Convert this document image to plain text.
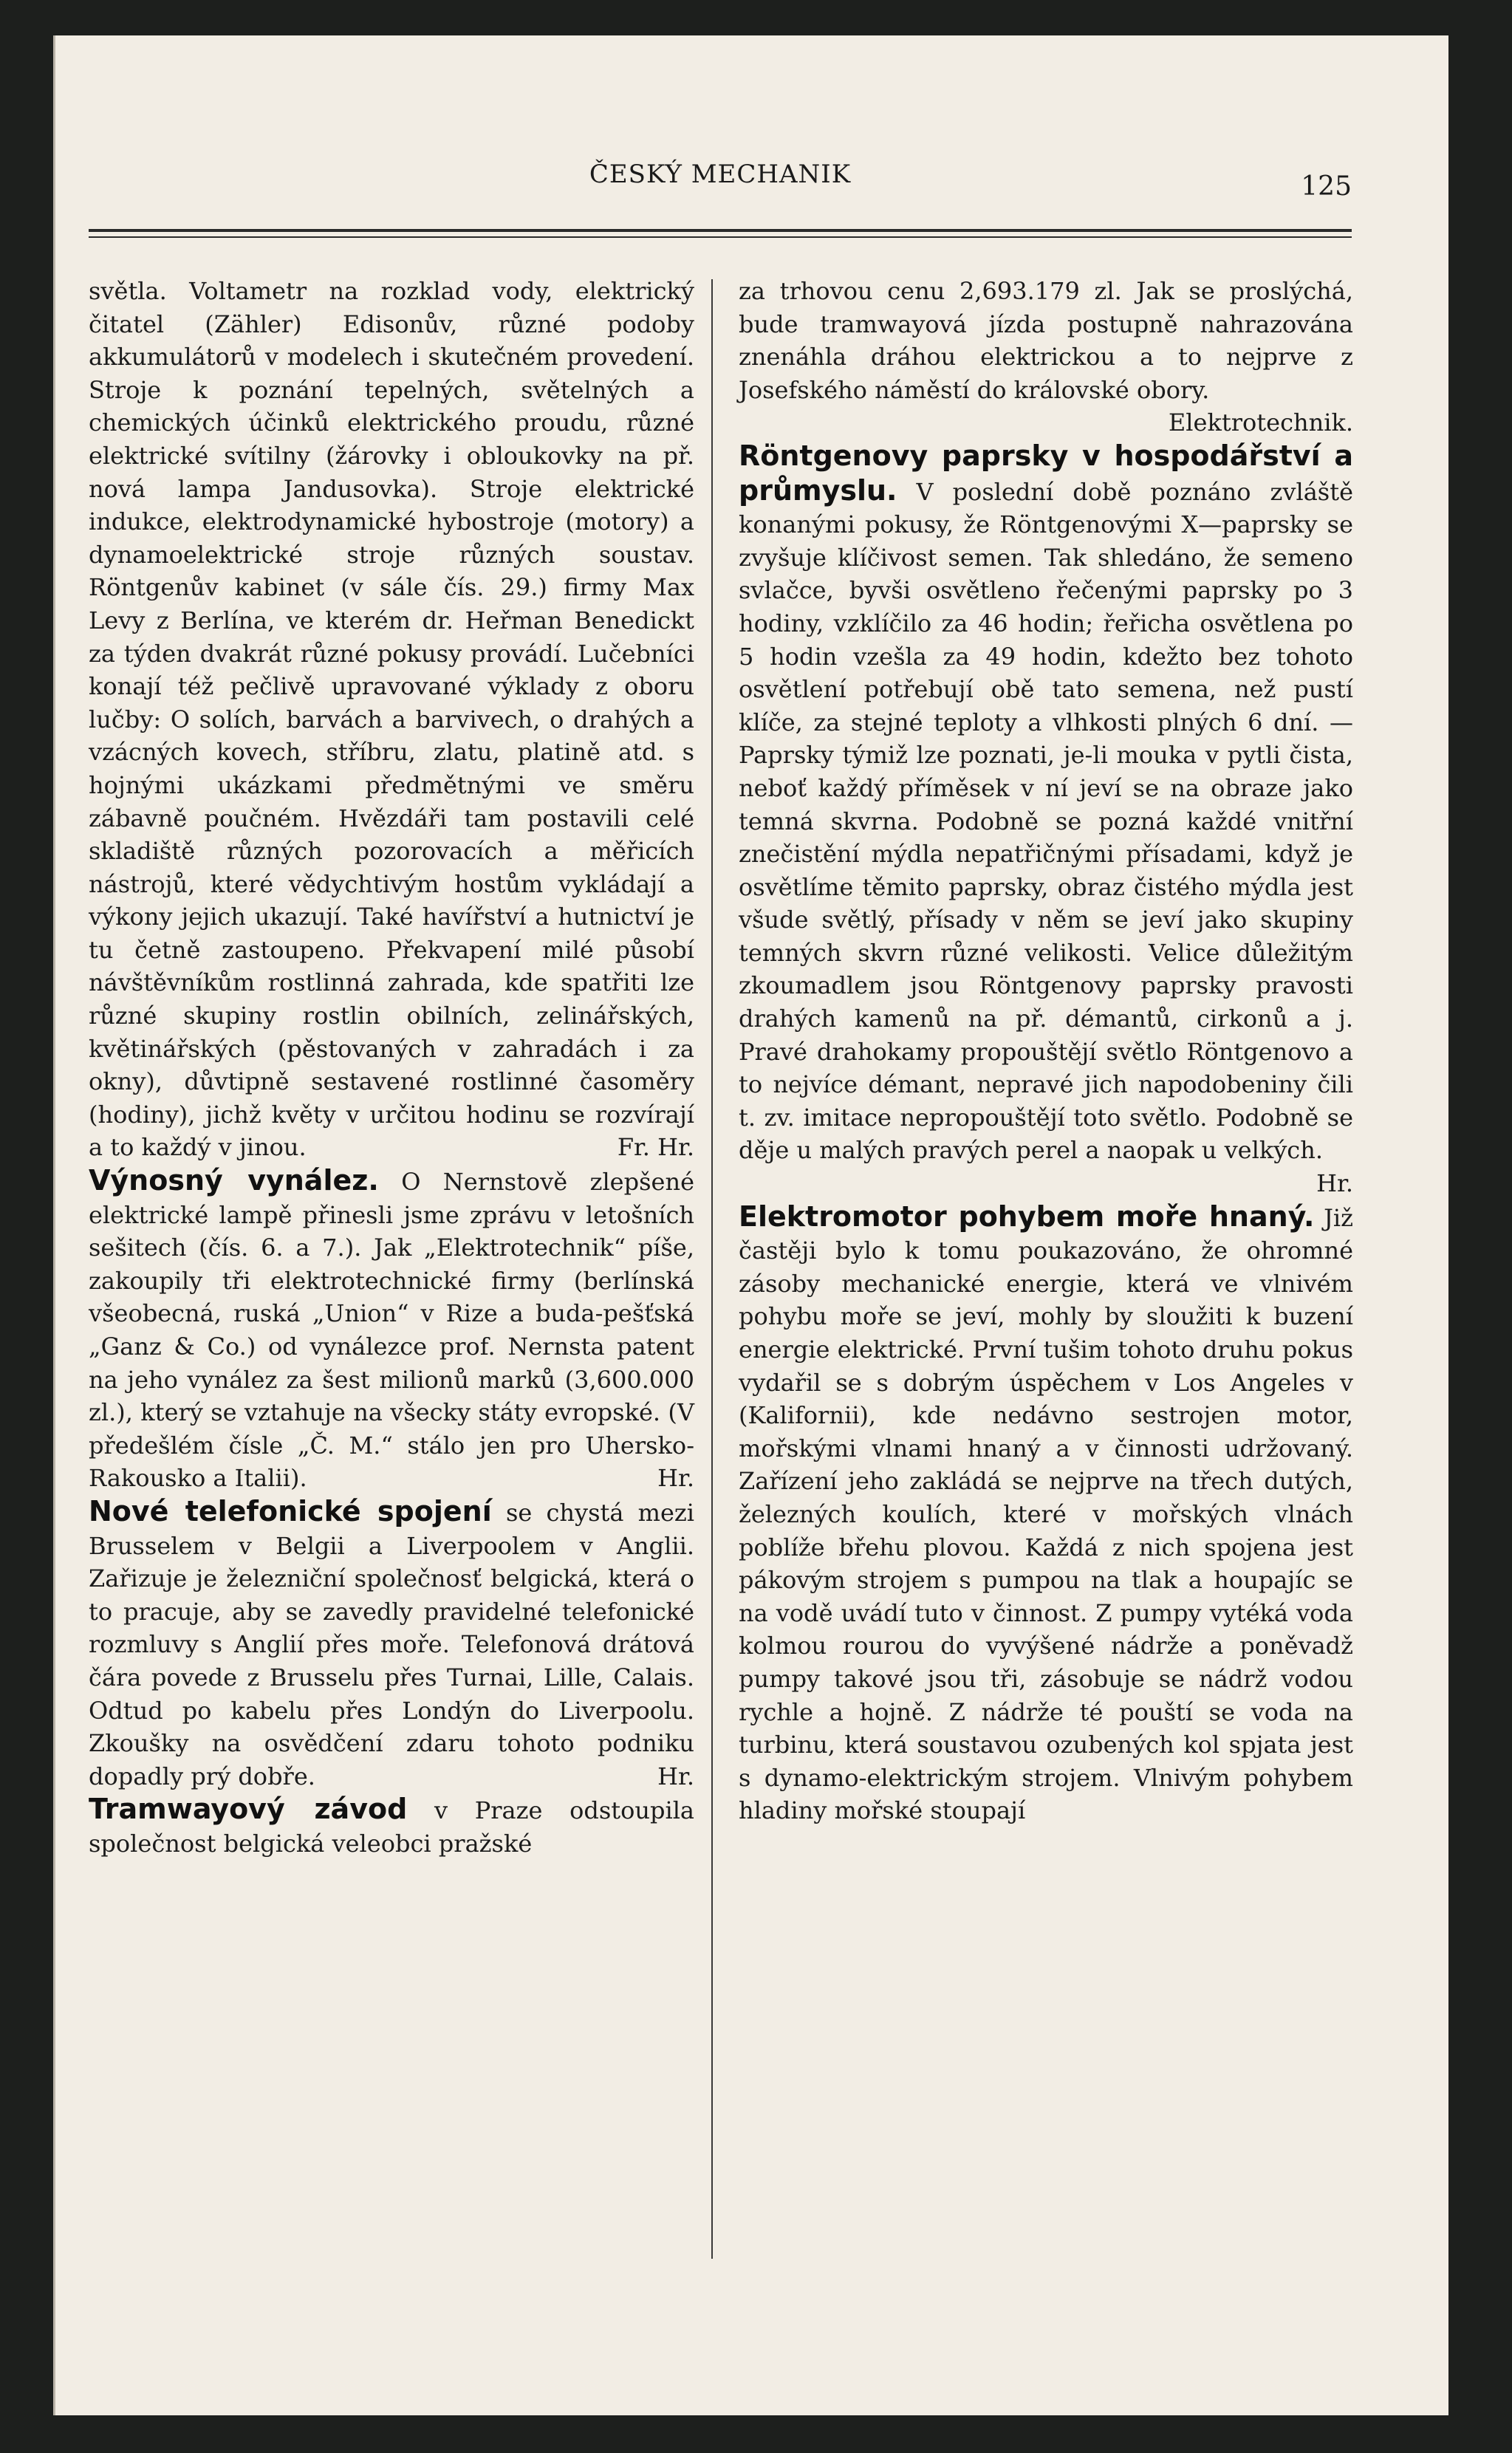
ČESKÝ MECHANIK	125

světla. Voltametr na rozklad vody, elektrický čitatel (Zähler) Edisonův, různé podoby akkumulátorů v modelech i skutečném provedení. Stroje k poznání tepelných, světelných a chemických účinků elektrického proudu, různé elektrické svítilny (žárovky i obloukovky na př. nová lampa Jandusovka). Stroje elektrické indukce, elektrodynamické hybostroje (motory) a dynamoelektrické stroje různých soustav. Röntgenův kabinet (v sále čís. 29.) firmy Max Levy z Berlína, ve kterém dr. Heřman Benedickt za týden dvakrát různé pokusy provádí. Lučebníci konají též pečlivě upravované výklady z oboru lučby: O solích, barvách a barvivech, o drahých a vzácných kovech, stříbru, zlatu, platině atd. s hojnými ukázkami předmětnými ve směru zábavně poučném. Hvězdáři tam postavili celé skladiště různých pozorovacích a měřicích nástrojů, které vědychtivým hostům vykládají a výkony jejich ukazují. Také havířství a hutnictví je tu četně zastoupeno. Překvapení milé působí návštěvníkům rostlinná zahrada, kde spatřiti lze různé skupiny rostlin obilních, zelinářských, květinářských (pěstovaných v zahradách i za okny), důvtipně sestavené rostlinné časoměry (hodiny), jichž květy v určitou hodinu se rozvírají a to každý v jinou.	Fr. Hr.

Výnosný vynález. O Nernstově zlepšené elektrické lampě přinesli jsme zprávu v letošních sešitech (čís. 6. a 7.). Jak „Elektrotechnik“ píše, zakoupily tři elektrotechnické firmy (berlínská všeobecná, ruská „Union“ v Rize a buda-pešťská „Ganz & Co.) od vynálezce prof. Nernsta patent na jeho vynález za šest milionů marků (3,600.000 zl.), který se vztahuje na všecky státy evropské. (V předešlém čísle „Č. M.“ stálo jen pro Uhersko-Rakousko a Italii).	Hr.

Nové telefonické spojení se chystá mezi Brusselem v Belgii a Liverpoolem v Anglii. Zařizuje je železniční společnosť belgická, která o to pracuje, aby se zavedly pravidelné telefonické rozmluvy s Anglií přes moře. Telefonová drátová čára povede z Brusselu přes Turnai, Lille, Calais. Odtud po kabelu přes Londýn do Liverpoolu. Zkoušky na osvědčení zdaru tohoto podniku dopadly prý dobře.	Hr.

Tramwayový závod v Praze odstoupila společnost belgická veleobci pražské

za trhovou cenu 2,693.179 zl. Jak se proslýchá, bude tramwayová jízda postupně nahrazována znenáhla dráhou elektrickou a to nejprve z Josefského náměstí do královské obory.
Elektrotechnik.

Röntgenovy paprsky v hospodářství a průmyslu. V poslední době poznáno zvláště konanými pokusy, že Röntgenovými X—paprsky se zvyšuje klíčivost semen. Tak shledáno, že semeno svlačce, byvši osvětleno řečenými paprsky po 3 hodiny, vzklíčilo za 46 hodin; řeřicha osvětlena po 5 hodin vzešla za 49 hodin, kdežto bez tohoto osvětlení potřebují obě tato semena, než pustí klíče, za stejné teploty a vlhkosti plných 6 dní. — Paprsky týmiž lze poznati, je-li mouka v pytli čista, neboť každý příměsek v ní jeví se na obraze jako temná skvrna. Podobně se pozná každé vnitřní znečistění mýdla nepatřičnými přísadami, když je osvětlíme těmito paprsky, obraz čistého mýdla jest všude světlý, přísady v něm se jeví jako skupiny temných skvrn různé velikosti. Velice důležitým zkoumadlem jsou Röntgenovy paprsky pravosti drahých kamenů na př. démantů, cirkonů a j. Pravé drahokamy propouštějí světlo Röntgenovo a to nejvíce démant, nepravé jich napodobeniny čili t. zv. imitace nepropouštějí toto světlo. Podobně se děje u malých pravých perel a naopak u velkých.
Hr.

Elektromotor pohybem moře hnaný. Již častěji bylo k tomu poukazováno, že ohromné zásoby mechanické energie, která ve vlnivém pohybu moře se jeví, mohly by sloužiti k buzení energie elektrické. První tušim tohoto druhu pokus vydařil se s dobrým úspěchem v Los Angeles v (Kalifornii), kde nedávno sestrojen motor, mořskými vlnami hnaný a v činnosti udržovaný. Zařízení jeho zakládá se nejprve na třech dutých, železných koulích, které v mořských vlnách poblíže břehu plovou. Každá z nich spojena jest pákovým strojem s pumpou na tlak a houpajíc se na vodě uvádí tuto v činnost. Z pumpy vytéká voda kolmou rourou do vyvýšené nádrže a poněvadž pumpy takové jsou tři, zásobuje se nádrž vodou rychle a hojně. Z nádrže té pouští se voda na turbinu, která soustavou ozubených kol spjata jest s dynamo-elektrickým strojem. Vlnivým pohybem hladiny mořské stoupají
